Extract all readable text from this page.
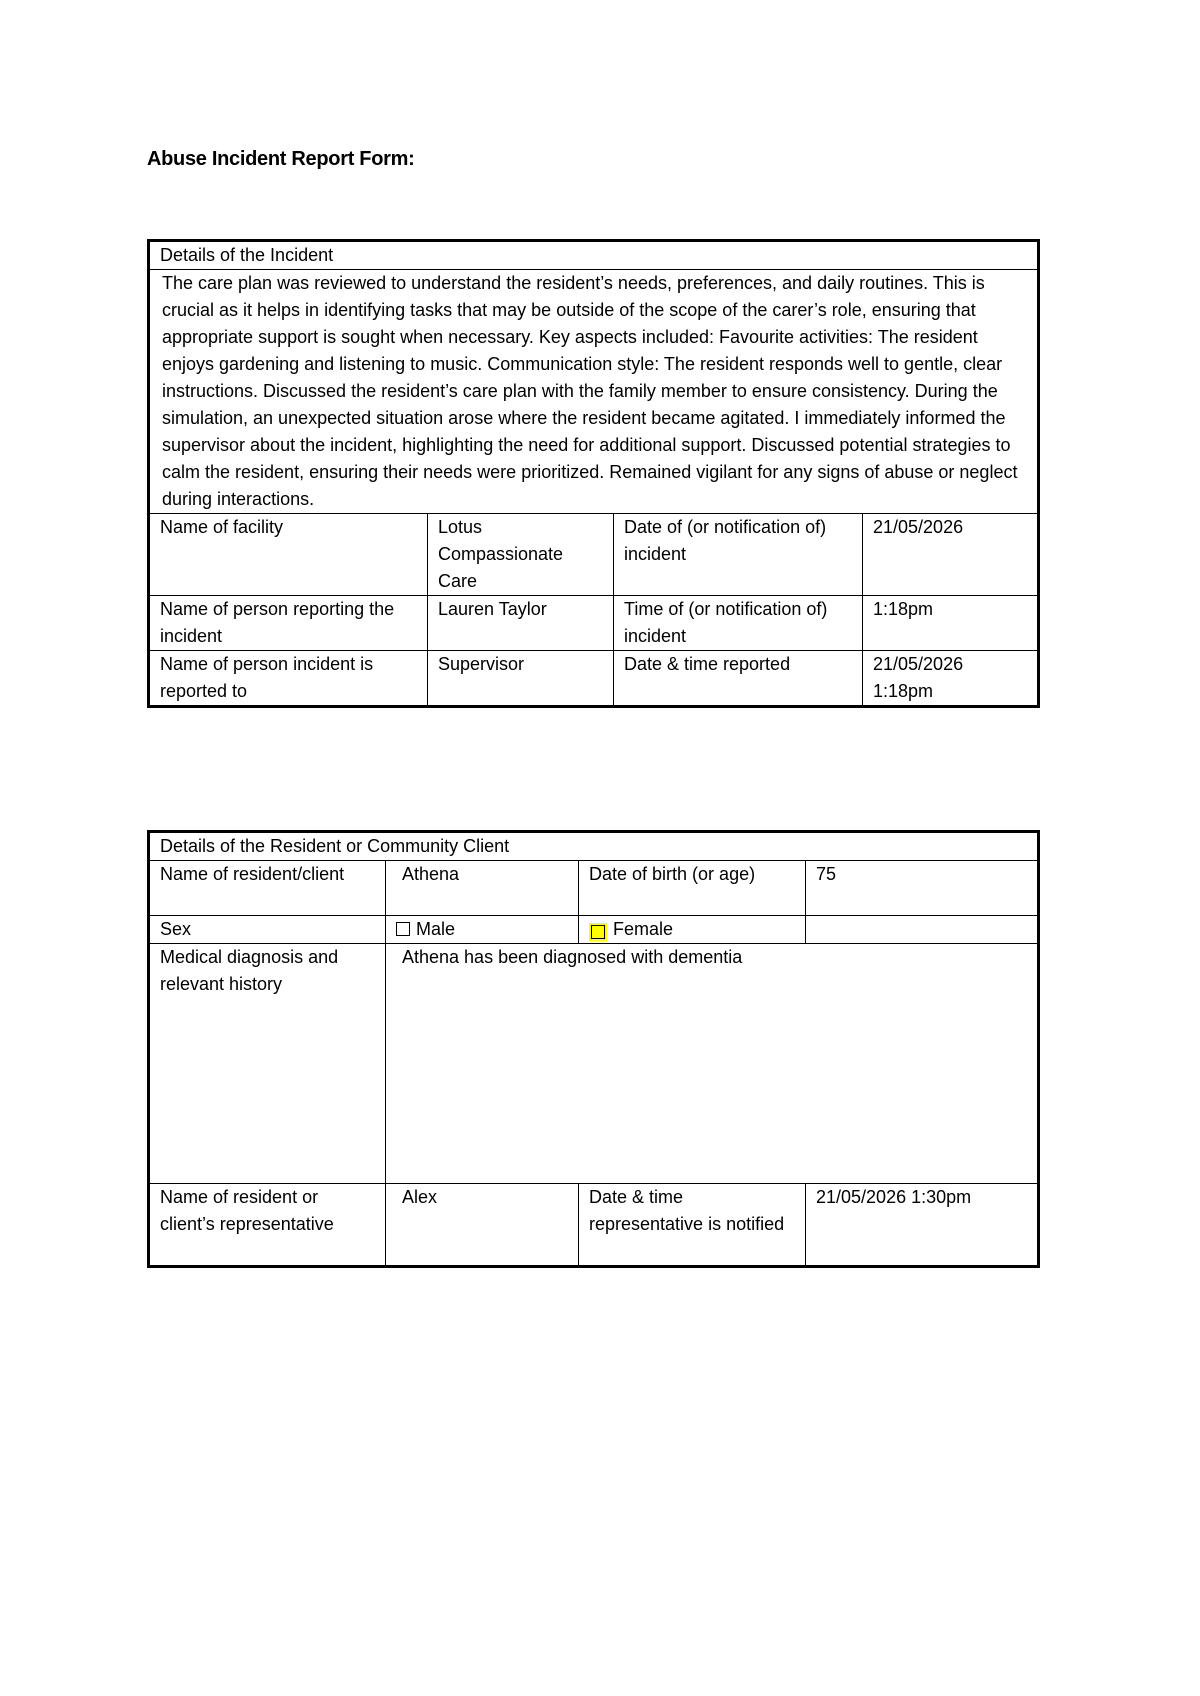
Abuse Incident Report Form:
Details of the Incident			
The care plan was reviewed to understand the resident’s needs, preferences, and daily routines. This is crucial as it helps in identifying tasks that may be outside of the scope of the carer’s role, ensuring that appropriate support is sought when necessary. Key aspects included: Favourite activities: The resident enjoys gardening and listening to music. Communication style: The resident responds well to gentle, clear instructions. Discussed the resident’s care plan with the family member to ensure consistency. During the simulation, an unexpected situation arose where the resident became agitated. I immediately informed the supervisor about the incident, highlighting the need for additional support. Discussed potential strategies to calm the resident, ensuring their needs were prioritized. Remained vigilant for any signs of abuse or neglect during interactions.			
Name of facility	Lotus Compassionate Care	Date of (or notification of) incident	21/05/2026
Name of person reporting the incident	Lauren Taylor	Time of (or notification of) incident	1:18pm
Name of person incident is reported to	Supervisor	Date & time reported	21/05/2026 1:18pm
Details of the Resident or Community Client			
Name of resident/client	Athena	Date of birth (or age)	75
Sex	Male	Female	
Medical diagnosis and relevant history	Athena has been diagnosed with dementia		
Name of resident or client’s representative	Alex	Date & time representative is notified	21/05/2026 1:30pm
